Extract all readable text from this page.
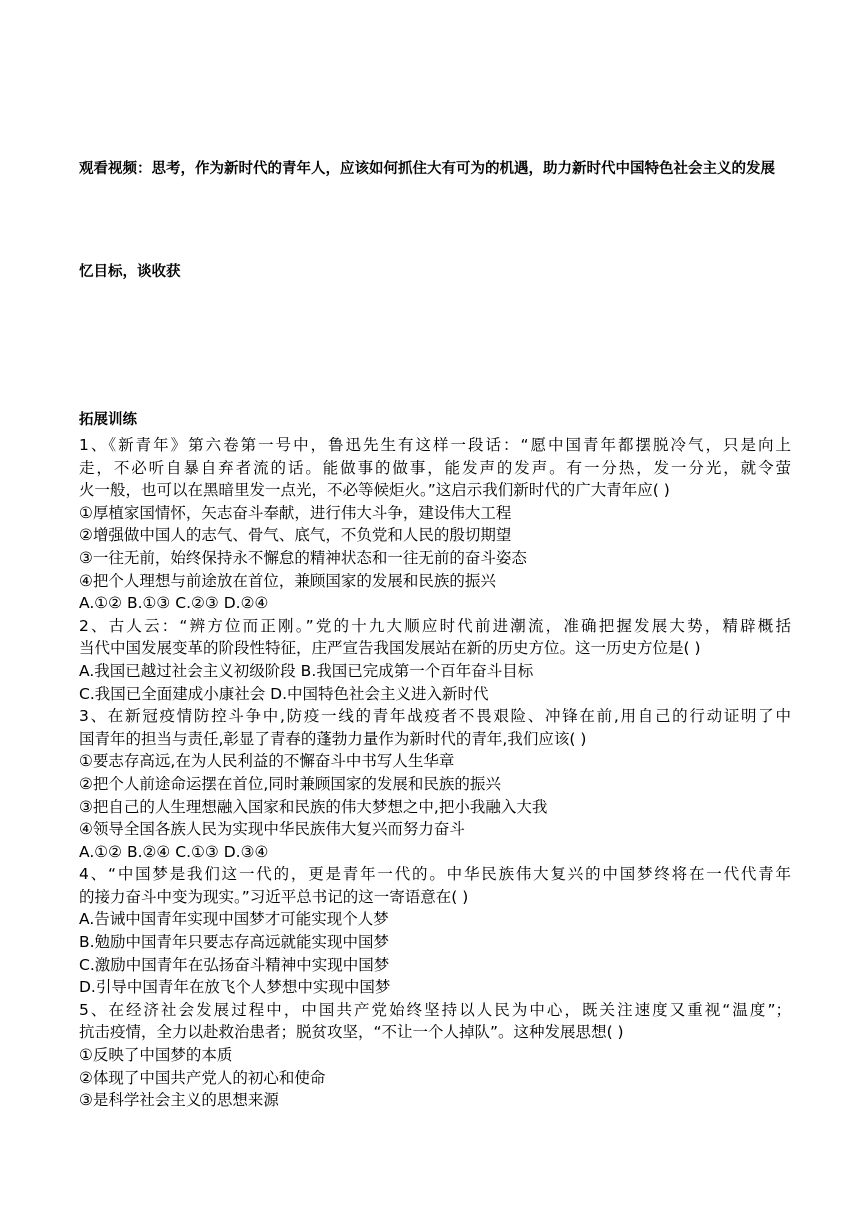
观看视频：思考，作为新时代的青年人，应该如何抓住大有可为的机遇，助力新时代中国特色社会主义的发展
忆目标，谈收获
拓展训练
1、《新青年》第六卷第一号中，鲁迅先生有这样一段话：“愿中国青年都摆脱冷气，只是向上
走，不必听自暴自弃者流的话。能做事的做事，能发声的发声。有一分热，发一分光，就令萤
火一般，也可以在黑暗里发一点光，不必等候炬火。”这启示我们新时代的广大青年应( )
①厚植家国情怀，矢志奋斗奉献，进行伟大斗争，建设伟大工程
②增强做中国人的志气、骨气、底气，不负党和人民的殷切期望
③一往无前，始终保持永不懈怠的精神状态和一往无前的奋斗姿态
④把个人理想与前途放在首位，兼顾国家的发展和民族的振兴
A.①② B.①③ C.②③ D.②④
2、古人云：“辨方位而正刚。”党的十九大顺应时代前进潮流，准确把握发展大势，精辟概括
当代中国发展变革的阶段性特征，庄严宣告我国发展站在新的历史方位。这一历史方位是( )
A.我国已越过社会主义初级阶段 B.我国已完成第一个百年奋斗目标
C.我国已全面建成小康社会 D.中国特色社会主义进入新时代
3、在新冠疫情防控斗争中,防疫一线的青年战疫者不畏艰险、冲锋在前,用自己的行动证明了中
国青年的担当与责任,彰显了青春的蓬勃力量作为新时代的青年,我们应该( )
①要志存高远,在为人民利益的不懈奋斗中书写人生华章
②把个人前途命运摆在首位,同时兼顾国家的发展和民族的振兴
③把自己的人生理想融入国家和民族的伟大梦想之中,把小我融入大我
④领导全国各族人民为实现中华民族伟大复兴而努力奋斗
A.①② B.②④ C.①③ D.③④
4、“中国梦是我们这一代的，更是青年一代的。中华民族伟大复兴的中国梦终将在一代代青年
的接力奋斗中变为现实。”习近平总书记的这一寄语意在( )
A.告诫中国青年实现中国梦才可能实现个人梦
B.勉励中国青年只要志存高远就能实现中国梦
C.激励中国青年在弘扬奋斗精神中实现中国梦
D.引导中国青年在放飞个人梦想中实现中国梦
5、在经济社会发展过程中，中国共产党始终坚持以人民为中心，既关注速度又重视“温度”；
抗击疫情，全力以赴救治患者；脱贫攻坚，“不让一个人掉队”。这种发展思想( )
①反映了中国梦的本质
②体现了中国共产党人的初心和使命
③是科学社会主义的思想来源
